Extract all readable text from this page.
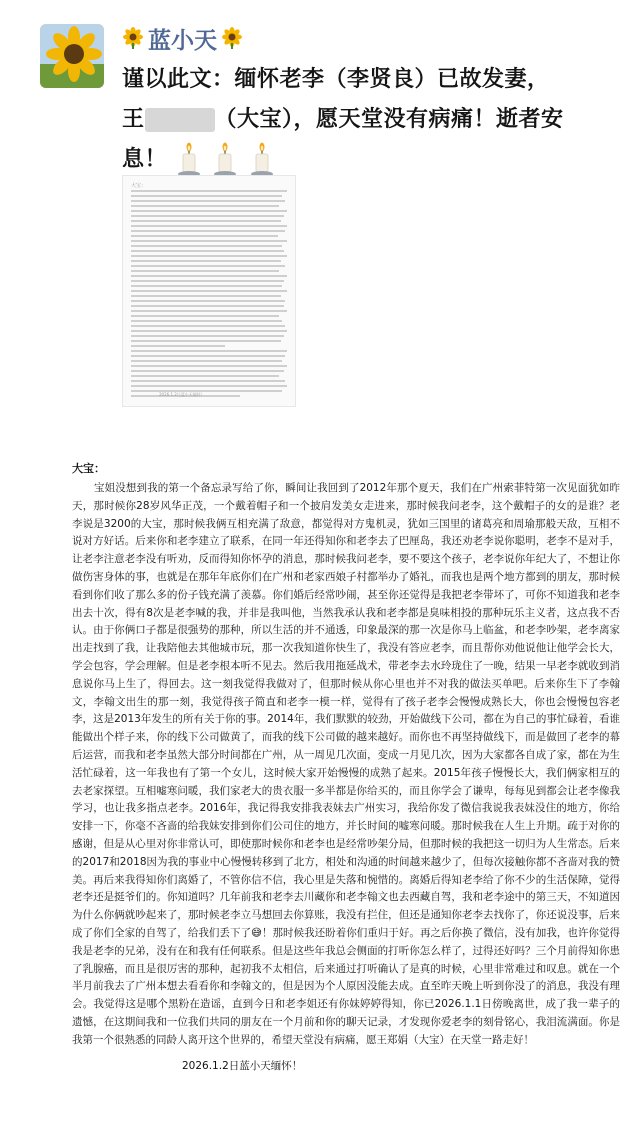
蓝小天
谨以此文：缅怀老李（李贤良）已故发妻，
王	（大宝），愿天堂没有病痛！逝者安
息！
大宝：
2026.1.2日蓝小天缅怀！
大宝：

宝姐没想到我的第一个备忘录写给了你，瞬间让我回到了2012年那个夏天，我们在广州索菲特第一次见面犹如昨天，那时候你28岁风华正茂，一个戴着帽子和一个披肩发美女走进来，那时候我问老李，这个戴帽子的女的是谁？老李说是3200的大宝，那时候我俩互相充满了敌意，都觉得对方鬼机灵，犹如三国里的诸葛亮和周瑜那般天敌，互相不说对方好话。后来你和老李建立了联系，在同一年还得知你和老李去了巴厘岛，我还劝老李说你聪明，老李不是对手，让老李注意老李没有听劝，反而得知你怀孕的消息，那时候我问老李，要不要这个孩子，老李说你年纪大了，不想让你做伤害身体的事，也就是在那年年底你们在广州和老家西娘子村都举办了婚礼，而我也是两个地方都到的朋友，那时候看到你们收了那么多的份子钱充满了羡慕。你们婚后经常吵闹，甚至你还觉得是我把老李带坏了，可你不知道我和老李出去十次，得有8次是老李喊的我，并非是我叫他，当然我承认我和老李都是臭味相投的那种玩乐主义者，这点我不否认。由于你俩口子都是很强势的那种，所以生活的并不通透，印象最深的那一次是你马上临盆，和老李吵架，老李离家出走找到了我，让我陪他去其他城市玩，那一次我知道你快生了，我没有答应老李，而且帮你劝他说他让他学会长大，学会包容，学会理解。但是老李根本听不见去。然后我用拖延战术，带老李去水玲珑住了一晚，结果一早老李就收到消息说你马上生了，得回去。这一刻我觉得我做对了，但那时候从你心里也并不对我的做法买单吧。后来你生下了李翰文，李翰文出生的那一刻，我觉得孩子简直和老李一模一样，觉得有了孩子老李会慢慢成熟长大，你也会慢慢包容老李，这是2013年发生的所有关于你的事。2014年，我们默默的较劲，开始做线下公司，都在为自己的事忙碌着，看谁能做出个样子来，你的线下公司做黄了，而我的线下公司做的越来越好。而你也不再坚持做线下，而是做回了老李的幕后运营，而我和老李虽然大部分时间都在广州，从一周见几次面，变成一月见几次，因为大家都各自成了家，都在为生活忙碌着，这一年我也有了第一个女儿，这时候大家开始慢慢的成熟了起来。2015年孩子慢慢长大，我们俩家相互的去老家探望。互相嘘寒问暖，我们家老大的贵衣服一多半都是你给买的，而且你学会了谦卑，每每见到都会让老李像我学习，也让我多指点老李。2016年，我记得我安排我表妹去广州实习，我给你发了微信我说我表妹没住的地方，你给安排一下，你毫不吝啬的给我妹安排到你们公司住的地方，并长时间的嘘寒问暖。那时候我在人生上升期。疏于对你的感谢，但是从心里对你非常认可，即使那时候你和老李也是经常吵架分局，但那时候的我把这一切归为人生常态。后来的2017和2018因为我的事业中心慢慢转移到了北方，相处和沟通的时间越来越少了，但每次接触你都不吝啬对我的赞美。再后来我得知你们离婚了，不管你信不信，我心里是失落和惋惜的。离婚后得知老李给了你不少的生活保障，觉得老李还是挺爷们的。你知道吗？几年前我和老李去川藏你和老李翰文也去西藏自驾，我和老李途中的第三天，不知道因为什么你俩就吵起来了，那时候老李立马想回去你算账，我没有拦住，但还是通知你老李去找你了，你还说没事，后来成了你们全家的自驾了，给我们丢下了😅！那时候我还盼着你们重归于好。再之后你换了微信，没有加我，也许你觉得我是老李的兄弟，没有在和我有任何联系。但是这些年我总会侧面的打听你怎么样了，过得还好吗？三个月前得知你患了乳腺癌，而且是很厉害的那种，起初我不太相信，后来通过打听确认了是真的时候，心里非常难过和叹息。就在一个半月前我去了广州本想去看看你和李翰文的，但是因为个人原因没能去成。直至昨天晚上听到你没了的消息，我没有理会。我觉得这是哪个黑粉在造谣，直到今日和老李姐还有你妹婷婷得知，你已2026.1.1日傍晚离世，成了我一辈子的遗憾，在这期间我和一位我们共同的朋友在一个月前和你的聊天记录，才发现你爱老李的刻骨铭心，我泪流满面。你是我第一个很熟悉的同龄人离开这个世界的，希望天堂没有病痛，愿王郑娟（大宝）在天堂一路走好！

2026.1.2日蓝小天缅怀！
